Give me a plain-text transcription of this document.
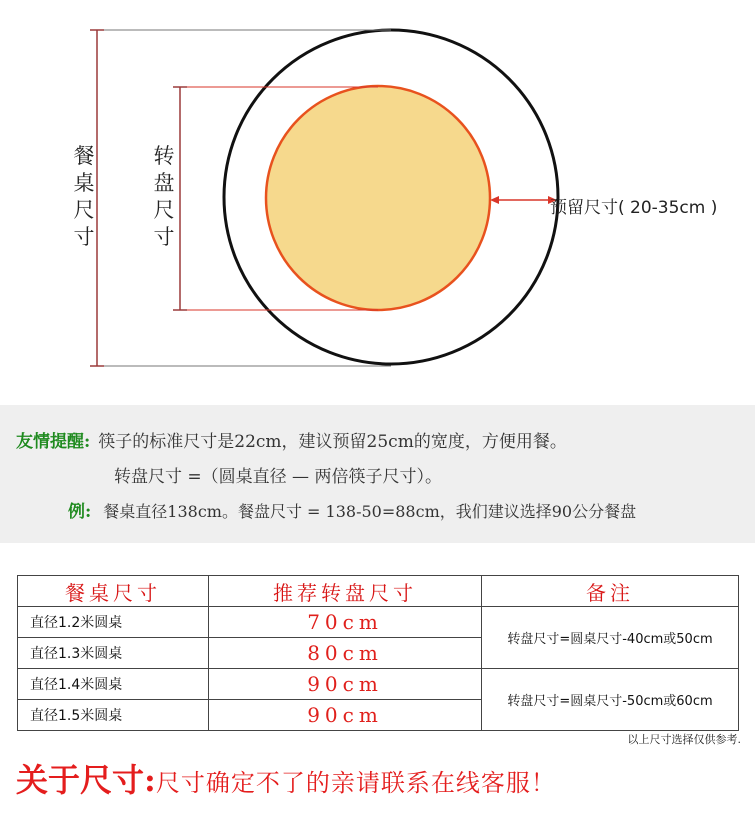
餐
桌
尺
寸
转
盘
尺
寸
预留尺寸( 20-35cm )
友情提醒: 筷子的标准尺寸是22cm，建议预留25cm的宽度，方便用餐。
转盘尺寸 =（圆桌直径 — 两倍筷子尺寸）。
例: 餐桌直径138cm。餐盘尺寸 = 138-50=88cm，我们建议选择90公分餐盘
餐桌尺寸	推荐转盘尺寸	备注
直径1.2米圆桌	70cm	转盘尺寸=圆桌尺寸-40cm或50cm
直径1.3米圆桌	80cm	
直径1.4米圆桌	90cm	转盘尺寸=圆桌尺寸-50cm或60cm
直径1.5米圆桌	90cm	
以上尺寸选择仅供参考.
关于尺寸:尺寸确定不了的亲请联系在线客服！
